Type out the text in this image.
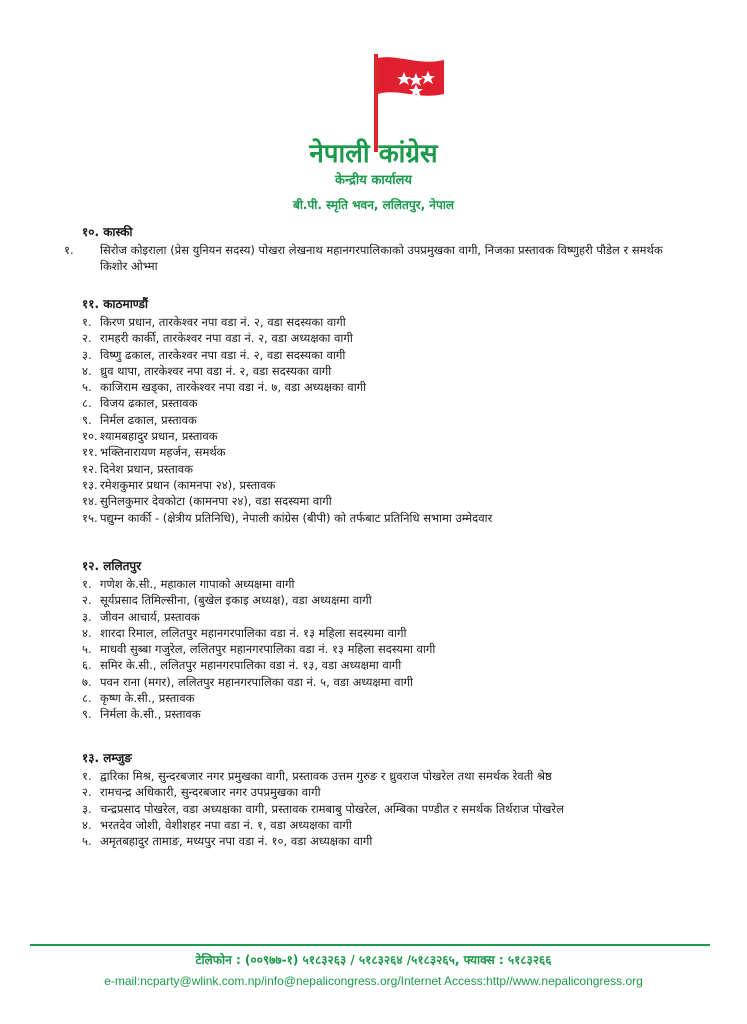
नेपाली कांग्रेस
केन्द्रीय कार्यालय
बी.पी. स्मृति भवन, ललितपुर, नेपाल
१०. कास्की
१. सिरोज कोइराला (प्रेस युनियन सदस्य) पोखरा लेखनाथ महानगरपालिकाको उपप्रमुखका वागी, निजका प्रस्तावक विष्णुहरी पौडेल र समर्थक किशोर ओभ्मा
११. काठमाण्डौं
१. किरण प्रधान, तारकेश्वर नपा वडा नं. २, वडा सदस्यका वागी
२. रामहरी कार्की, तारकेश्वर नपा वडा नं. २, वडा अध्यक्षका वागी
३. विष्णु ढकाल, तारकेश्वर नपा वडा नं. २, वडा सदस्यका वागी
४. ध्रुव थापा, तारकेश्वर नपा वडा नं. २, वडा सदस्यका वागी
५. काजिराम खड्का, तारकेश्वर नपा वडा नं. ७, वडा अध्यक्षका वागी
८. विजय ढकाल, प्रस्तावक
९. निर्मल ढकाल, प्रस्तावक
१०. श्यामबहादुर प्रधान, प्रस्तावक
११. भक्तिनारायण महर्जन, समर्थक
१२. दिनेश प्रधान, प्रस्तावक
१३. रमेशकुमार प्रधान (कामनपा २४), प्रस्तावक
१४. सुनिलकुमार देवकोटा (कामनपा २४), वडा सदस्यमा वागी
१५. पद्युम्न कार्की - (क्षेत्रीय प्रतिनिधि), नेपाली कांग्रेस (बीपी) को तर्फबाट प्रतिनिधि सभामा उम्मेदवार
१२. ललितपुर
१. गणेश के.सी., महाकाल गापाको अध्यक्षमा वागी
२. सूर्यप्रसाद तिमिल्सीना, (बुखेल इकाइ अध्यक्ष), वडा अध्यक्षमा वागी
३. जीवन आचार्य, प्रस्तावक
४. शारदा रिमाल, ललितपुर महानगरपालिका वडा नं. १३ महिला सदस्यमा वागी
५. माधवी सुब्बा गजुरेल, ललितपुर महानगरपालिका वडा नं. १३ महिला सदस्यमा वागी
६. समिर के.सी., ललितपुर महानगरपालिका वडा नं. १३, वडा अध्यक्षमा वागी
७. पवन राना (मगर), ललितपुर महानगरपालिका वडा नं. ५, वडा अध्यक्षमा वागी
८. कृष्ण के.सी., प्रस्तावक
९. निर्मला के.सी., प्रस्तावक
१३. लम्जुङ
१. द्वारिका मिश्र, सुन्दरबजार नगर प्रमुखका वागी, प्रस्तावक उत्तम गुरुङ र ध्रुवराज पोखरेल तथा समर्थक रेवती श्रेष्ठ
२. रामचन्द्र अधिकारी, सुन्दरबजार नगर उपप्रमुखका वागी
३. चन्द्रप्रसाद पोखरेल, वडा अध्यक्षका वागी, प्रस्तावक रामबाबु पोखरेल, अम्बिका पण्डीत र समर्थक तिर्थराज पोखरेल
४. भरतदेव जोशी, वेशीशहर नपा वडा नं. १, वडा अध्यक्षका वागी
५. अमृतबहादुर तामाङ, मध्यपुर नपा वडा नं. १०, वडा अध्यक्षका वागी
टेलिफोन : (००९७७-१) ५१८३२६३ / ५१८३२६४ /५१८३२६५, फ्याक्स : ५१८३२६६
e-mail:ncparty@wlink.com.np/info@nepalicongress.org/Internet Access:http//www.nepalicongress.org
